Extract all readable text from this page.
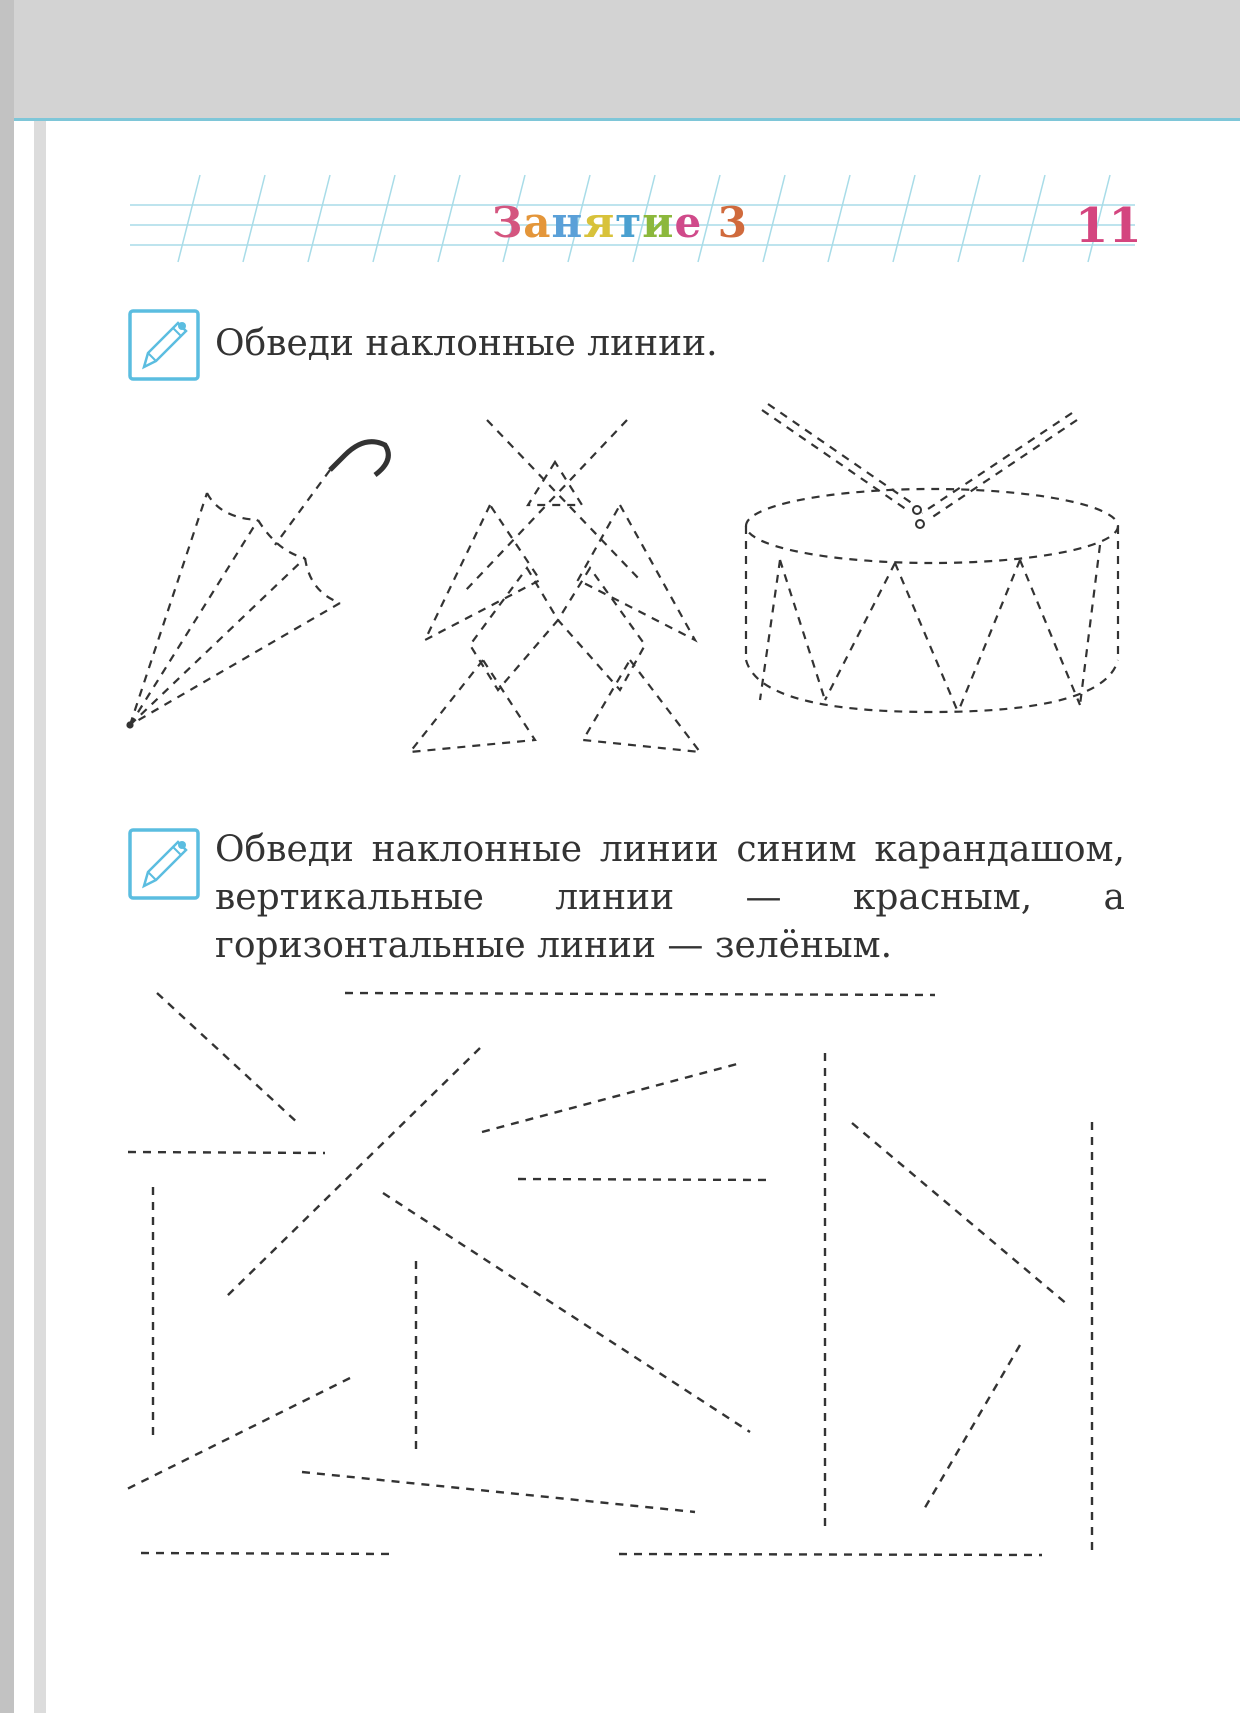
Занятие 3	11

Обведи наклонные линии.

Обведи наклонные линии синим карандашом, вертикальные линии — красным, а горизонтальные линии — зелёным.
